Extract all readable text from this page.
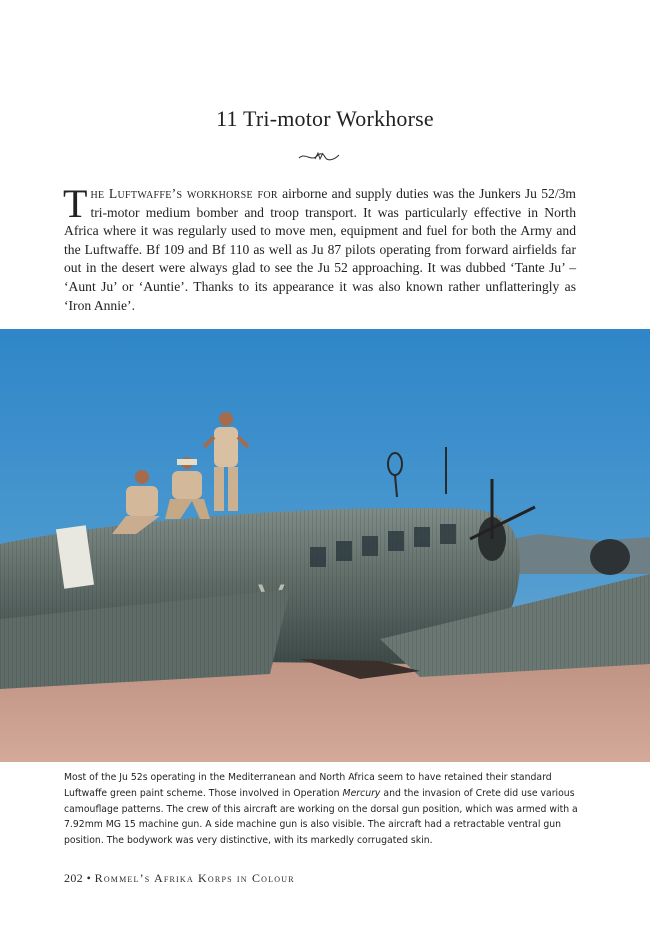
11 Tri-motor Workhorse
The Luftwaffe’s workhorse for airborne and supply duties was the Junkers Ju 52/3m tri-motor medium bomber and troop transport. It was particularly effective in North Africa where it was regularly used to move men, equipment and fuel for both the Army and the Luftwaffe. Bf 109 and Bf 110 as well as Ju 87 pilots operating from forward airfields far out in the desert were always glad to see the Ju 52 approaching. It was dubbed ‘Tante Ju’ – ‘Aunt Ju’ or ‘Auntie’. Thanks to its appearance it was also known rather unflatteringly as ‘Iron Annie’.
Most of the Ju 52s operating in the Mediterranean and North Africa seem to have retained their standard Luftwaffe green paint scheme. Those involved in Operation Mercury and the invasion of Crete did use various camouflage patterns. The crew of this aircraft are working on the dorsal gun position, which was armed with a 7.92mm MG 15 machine gun. A side machine gun is also visible. The aircraft had a retractable ventral gun position. The bodywork was very distinctive, with its markedly corrugated skin.
202 • Rommel’s Afrika Korps in Colour
